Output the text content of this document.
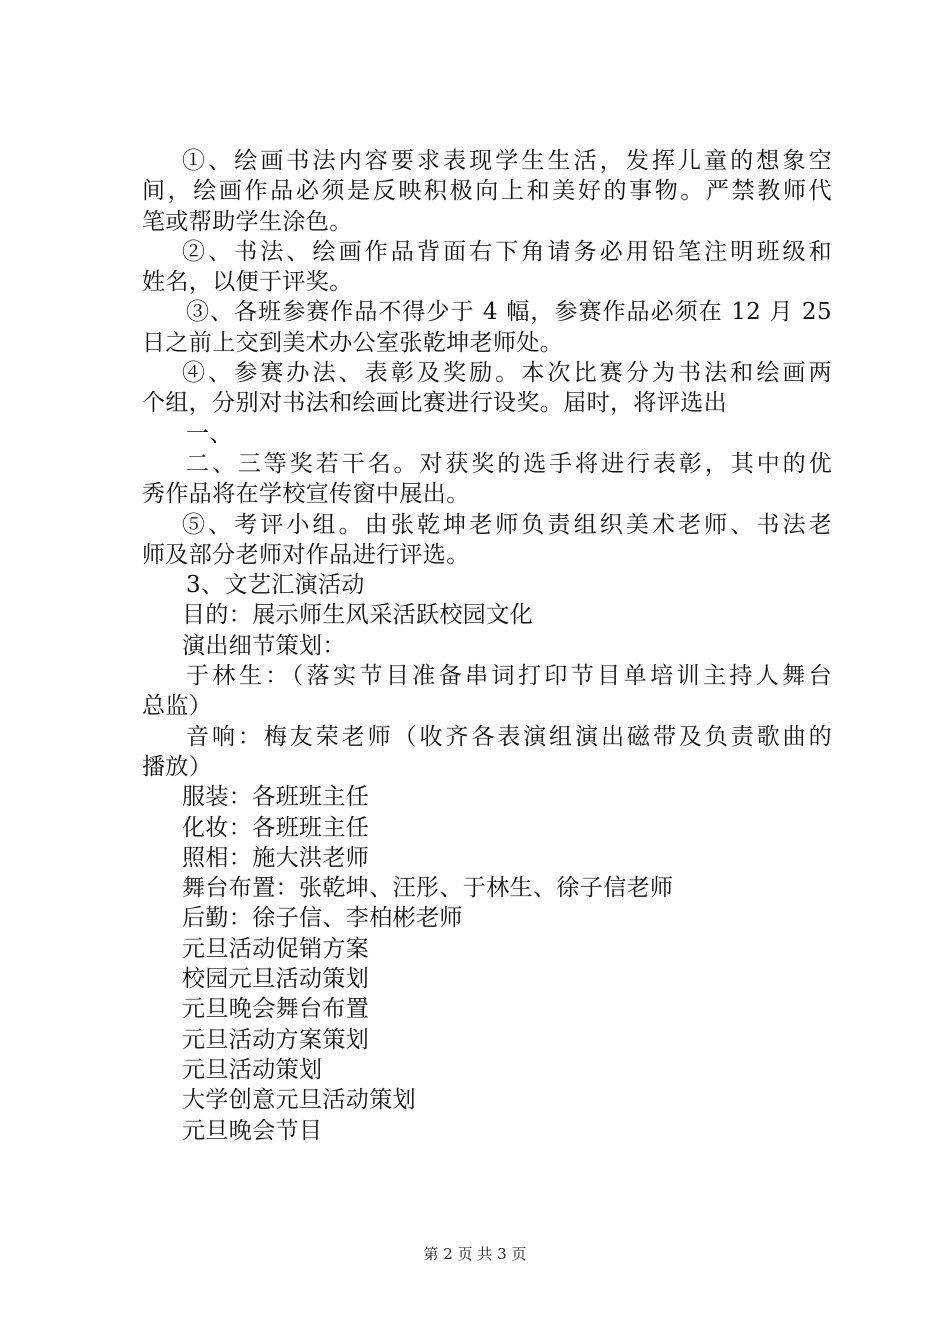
①、绘画书法内容要求表现学生生活，发挥儿童的想象空
间，绘画作品必须是反映积极向上和美好的事物。严禁教师代
笔或帮助学生涂色。
②、书法、绘画作品背面右下角请务必用铅笔注明班级和
姓名，以便于评奖。
③、各班参赛作品不得少于 4 幅，参赛作品必须在 12 月 25
日之前上交到美术办公室张乾坤老师处。
④、参赛办法、表彰及奖励。本次比赛分为书法和绘画两
个组，分别对书法和绘画比赛进行设奖。届时，将评选出
一、
二、三等奖若干名。对获奖的选手将进行表彰，其中的优
秀作品将在学校宣传窗中展出。
⑤、考评小组。由张乾坤老师负责组织美术老师、书法老
师及部分老师对作品进行评选。
3、文艺汇演活动
目的：展示师生风采活跃校园文化
演出细节策划：
于林生：（落实节目准备串词打印节目单培训主持人舞台
总监）
音响：梅友荣老师（收齐各表演组演出磁带及负责歌曲的
播放）
服装：各班班主任
化妆：各班班主任
照相：施大洪老师
舞台布置：张乾坤、汪彤、于林生、徐子信老师
后勤：徐子信、李柏彬老师
元旦活动促销方案
校园元旦活动策划
元旦晚会舞台布置
元旦活动方案策划
元旦活动策划
大学创意元旦活动策划
元旦晚会节目
第 2 页 共 3 页
